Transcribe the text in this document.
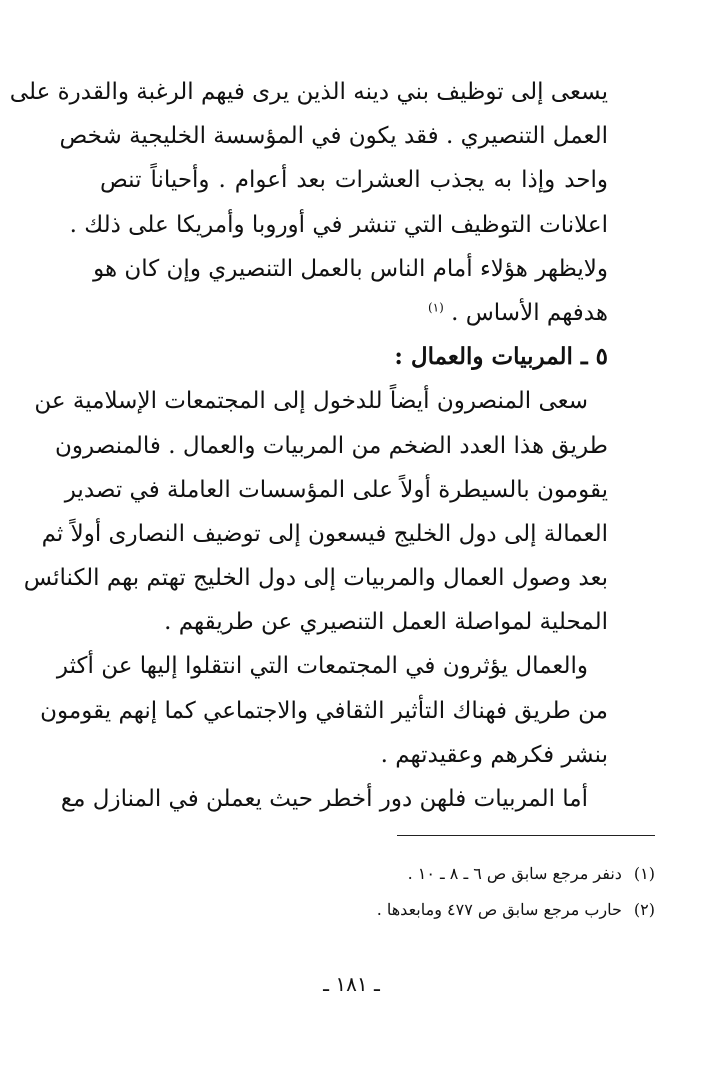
يسعى إلى توظيف بني دينه الذين يرى فيهم الرغبة والقدرة على
العمل التنصيري . فقد يكون في المؤسسة الخليجية شخص
واحد وإذا به يجذب العشرات بعد أعوام . وأحياناً تنص
اعلانات التوظيف التي تنشر في أوروبا وأمريكا على ذلك .
ولايظهر هؤلاء أمام الناس بالعمل التنصيري وإن كان هو
هدفهم الأساس . $^{(١)}$
٥ ـ المربيات والعمال :
سعى المنصرون أيضاً للدخول إلى المجتمعات الإسلامية عن
طريق هذا العدد الضخم من المربيات والعمال . فالمنصرون
يقومون بالسيطرة أولاً على المؤسسات العاملة في تصدير
العمالة إلى دول الخليج فيسعون إلى توضيف النصارى أولاً ثم
بعد وصول العمال والمربيات إلى دول الخليج تهتم بهم الكنائس
المحلية لمواصلة العمل التنصيري عن طريقهم .
والعمال يؤثرون في المجتمعات التي انتقلوا إليها عن أكثر
من طريق فهناك التأثير الثقافي والاجتماعي كما إنهم يقومون
بنشر فكرهم وعقيدتهم .
أما المربيات فلهن دور أخطر حيث يعملن في المنازل مع
(١)دنفر مرجع سابق ص ٦ ـ ٨ ـ ١٠ .
(٢)حارب مرجع سابق ص ٤٧٧ ومابعدها .
ـ ١٨١ ـ
